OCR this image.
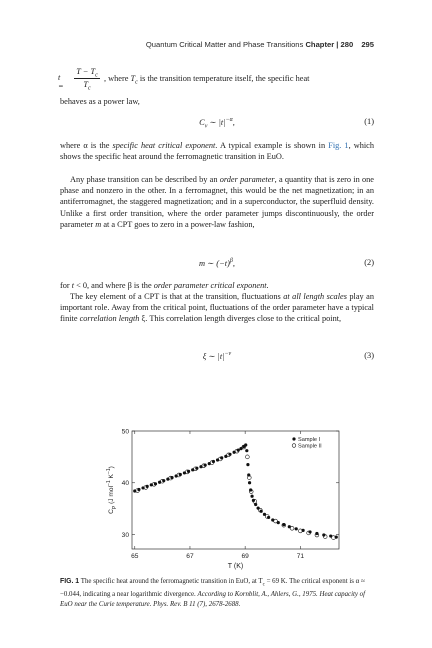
Quantum Critical Matter and Phase Transitions Chapter | 280 295
t =
$T - T_c$
$T_c$
, where $T_c$ is the transition temperature itself, the specific heat
behaves as a power law,
$C_v$ ∼ $|t|^{-\alpha}$,	(1)
where α is the specific heat critical exponent. A typical example is shown in Fig. 1, which shows the specific heat around the ferromagnetic transition in EuO.
Any phase transition can be described by an order parameter, a quantity that is zero in one phase and nonzero in the other. In a ferromagnet, this would be the net magnetization; in an antiferromagnet, the staggered magnetization; and in a superconductor, the superfluid density. Unlike a first order transition, where the order parameter jumps discontinuously, the order parameter m at a CPT goes to zero in a power-law fashion,
m ∼ $(-t)^\beta$,	(2)
for t < 0, and where β is the order parameter critical exponent.
The key element of a CPT is that at the transition, fluctuations at all length scales play an important role. Away from the critical point, fluctuations of the order parameter have a typical finite correlation length ξ. This correlation length diverges close to the critical point,
ξ ∼ $|t|^{-\nu}$	(3)
65	67	69	71
30
40
50
Sample I
Sample II
T (K)
$C_P$ (J mol$^{-1}$ $K^{-1}$)
FIG. 1 The specific heat around the ferromagnetic transition in EuO, at $T_c = 69$ K. The critical exponent is α ≈ −0.044, indicating a near logarithmic divergence. According to Kornblit, A., Ahlers, G., 1975. Heat capacity of EuO near the Curie temperature. Phys. Rev. B 11 (7), 2678-2688.
